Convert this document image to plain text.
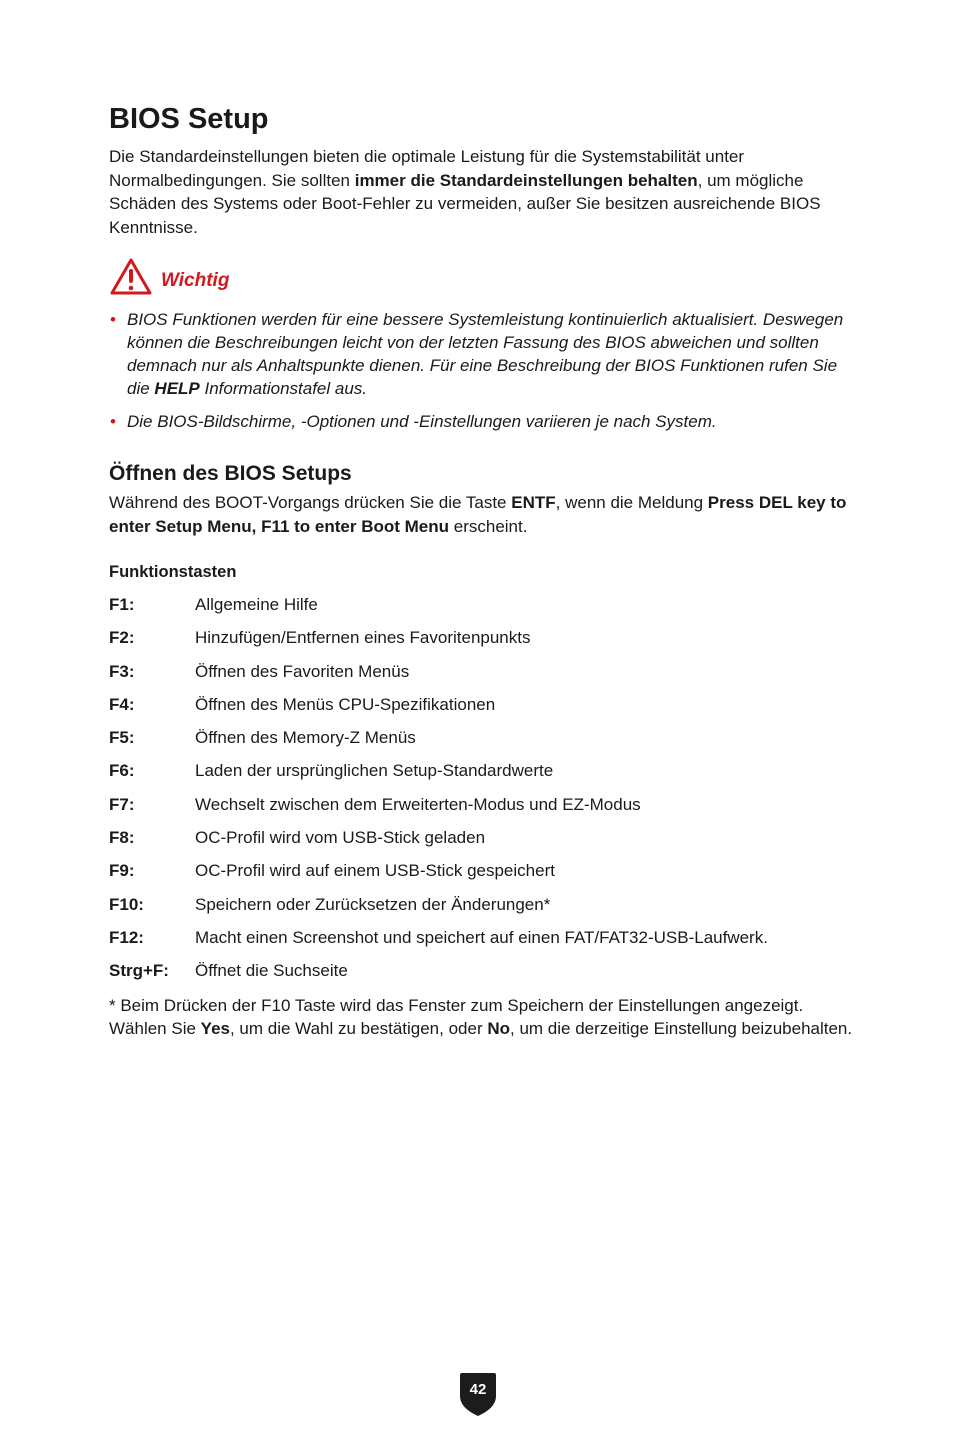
BIOS Setup

Die Standardeinstellungen bieten die optimale Leistung für die Systemstabilität unter Normalbedingungen. Sie sollten immer die Standardeinstellungen behalten, um mögliche Schäden des Systems oder Boot-Fehler zu vermeiden, außer Sie besitzen ausreichende BIOS Kenntnisse.

Wichtig
• BIOS Funktionen werden für eine bessere Systemleistung kontinuierlich aktualisiert. Deswegen können die Beschreibungen leicht von der letzten Fassung des BIOS abweichen und sollten demnach nur als Anhaltspunkte dienen. Für eine Beschreibung der BIOS Funktionen rufen Sie die HELP Informationstafel aus.
• Die BIOS-Bildschirme, -Optionen und -Einstellungen variieren je nach System.
Öffnen des BIOS Setups

Während des BOOT-Vorgangs drücken Sie die Taste ENTF, wenn die Meldung Press DEL key to enter Setup Menu, F11 to enter Boot Menu erscheint.

Funktionstasten
F1:	Allgemeine Hilfe
F2:	Hinzufügen/Entfernen eines Favoritenpunkts
F3:	Öffnen des Favoriten Menüs
F4:	Öffnen des Menüs CPU-Spezifikationen
F5:	Öffnen des Memory-Z Menüs
F6:	Laden der ursprünglichen Setup-Standardwerte
F7:	Wechselt zwischen dem Erweiterten-Modus und EZ-Modus
F8:	OC-Profil wird vom USB-Stick geladen
F9:	OC-Profil wird auf einem USB-Stick gespeichert
F10:	Speichern oder Zurücksetzen der Änderungen*
F12:	Macht einen Screenshot und speichert auf einen FAT/FAT32-USB-Laufwerk.
Strg+F:	Öffnet die Suchseite

* Beim Drücken der F10 Taste wird das Fenster zum Speichern der Einstellungen angezeigt. Wählen Sie Yes, um die Wahl zu bestätigen, oder No, um die derzeitige Einstellung beizubehalten.

42
